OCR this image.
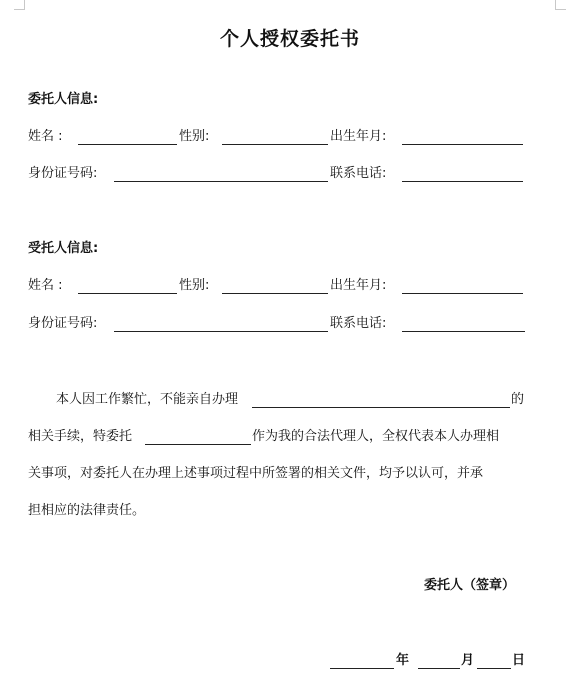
个人授权委托书
委托人信息:
姓名 :	性别:	出生年月:
身份证号码:	联系电话:
受托人信息:
姓名 :	性别:	出生年月:
身份证号码:	联系电话:
本人因工作繁忙，不能亲自办理	的
相关手续，特委托	作为我的合法代理人，全权代表本人办理相
关事项，对委托人在办理上述事项过程中所签署的相关文件，均予以认可，并承
担相应的法律责任。
委托人（签章）
年	月	日
